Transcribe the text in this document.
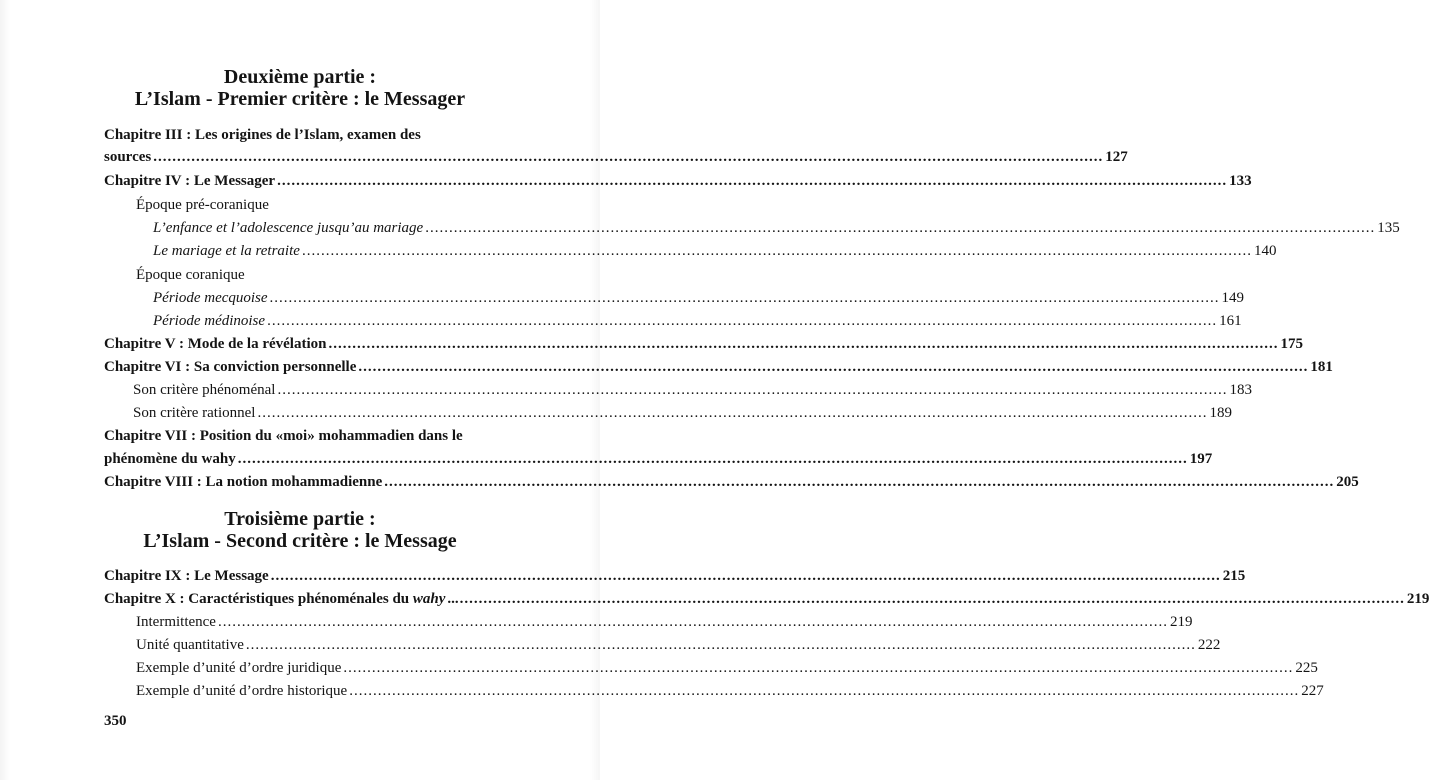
Deuxième partie :
L’Islam - Premier critère : le Messager
Chapitre III : Les origines de l’Islam, examen des
sources .....	127
Chapitre IV : Le Messager .....	133
Époque pré-coranique
L’enfance et l’adolescence jusqu’au mariage .....	135
Le mariage et la retraite .....	140
Époque coranique
Période mecquoise .....	149
Période médinoise .....	161
Chapitre V : Mode de la révélation .....	175
Chapitre VI : Sa conviction personnelle .....	181
Son critère phénoménal .....	183
Son critère rationnel .....	189
Chapitre VII : Position du «moi» mohammadien dans le
phénomène du wahy .....	197
Chapitre VIII : La notion mohammadienne .....	205
Troisième partie :
L’Islam - Second critère : le Message
Chapitre IX : Le Message .....	215
Chapitre X : Caractéristiques phénoménales du wahy .. .....	219
Intermittence .....	219
Unité quantitative .....	222
Exemple d’unité d’ordre juridique .....	225
Exemple d’unité d’ordre historique .....	227
350
